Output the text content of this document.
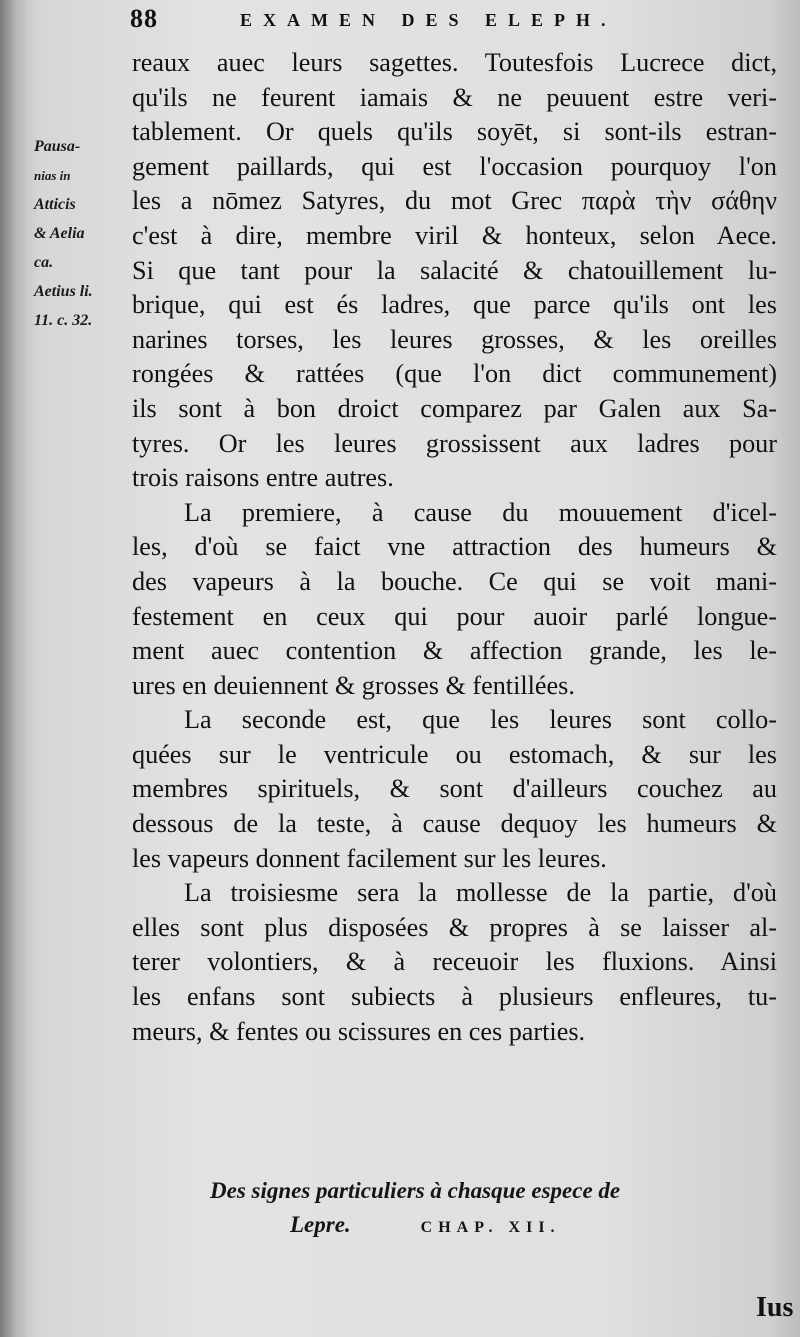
88	EXAMEN DES ELEPH.
Pausa-
nias in
Atticis
& Aelia
ca.
Aetius li.
11. c. 32.
reaux auec leurs sagettes. Toutesfois Lucrece dict,
qu'ils ne feurent iamais & ne peuuent estre veri-
tablement. Or quels qu'ils soyēt, si sont-ils estran-
gement paillards, qui est l'occasion pourquoy l'on
les a nōmez Satyres, du mot Grec παρὰ τὴν σάθην
c'est à dire, membre viril & honteux, selon Aece.
Si que tant pour la salacité & chatouillement lu-
brique, qui est és ladres, que parce qu'ils ont les
narines torses, les leures grosses, & les oreilles
rongées & rattées (que l'on dict communement)
ils sont à bon droict comparez par Galen aux Sa-
tyres. Or les leures grossissent aux ladres pour
trois raisons entre autres.
La premiere, à cause du mouuement d'icel-
les, d'où se faict vne attraction des humeurs &
des vapeurs à la bouche. Ce qui se voit mani-
festement en ceux qui pour auoir parlé longue-
ment auec contention & affection grande, les le-
ures en deuiennent & grosses & fentillées.
La seconde est, que les leures sont collo-
quées sur le ventricule ou estomach, & sur les
membres spirituels, & sont d'ailleurs couchez au
dessous de la teste, à cause dequoy les humeurs &
les vapeurs donnent facilement sur les leures.
La troisiesme sera la mollesse de la partie, d'où
elles sont plus disposées & propres à se laisser al-
terer volontiers, & à receuoir les fluxions. Ainsi
les enfans sont subiects à plusieurs enfleures, tu-
meurs, & fentes ou scissures en ces parties.
Des signes particuliers à chasque espece de
Lepre.	CHAP. XII.
Ius
